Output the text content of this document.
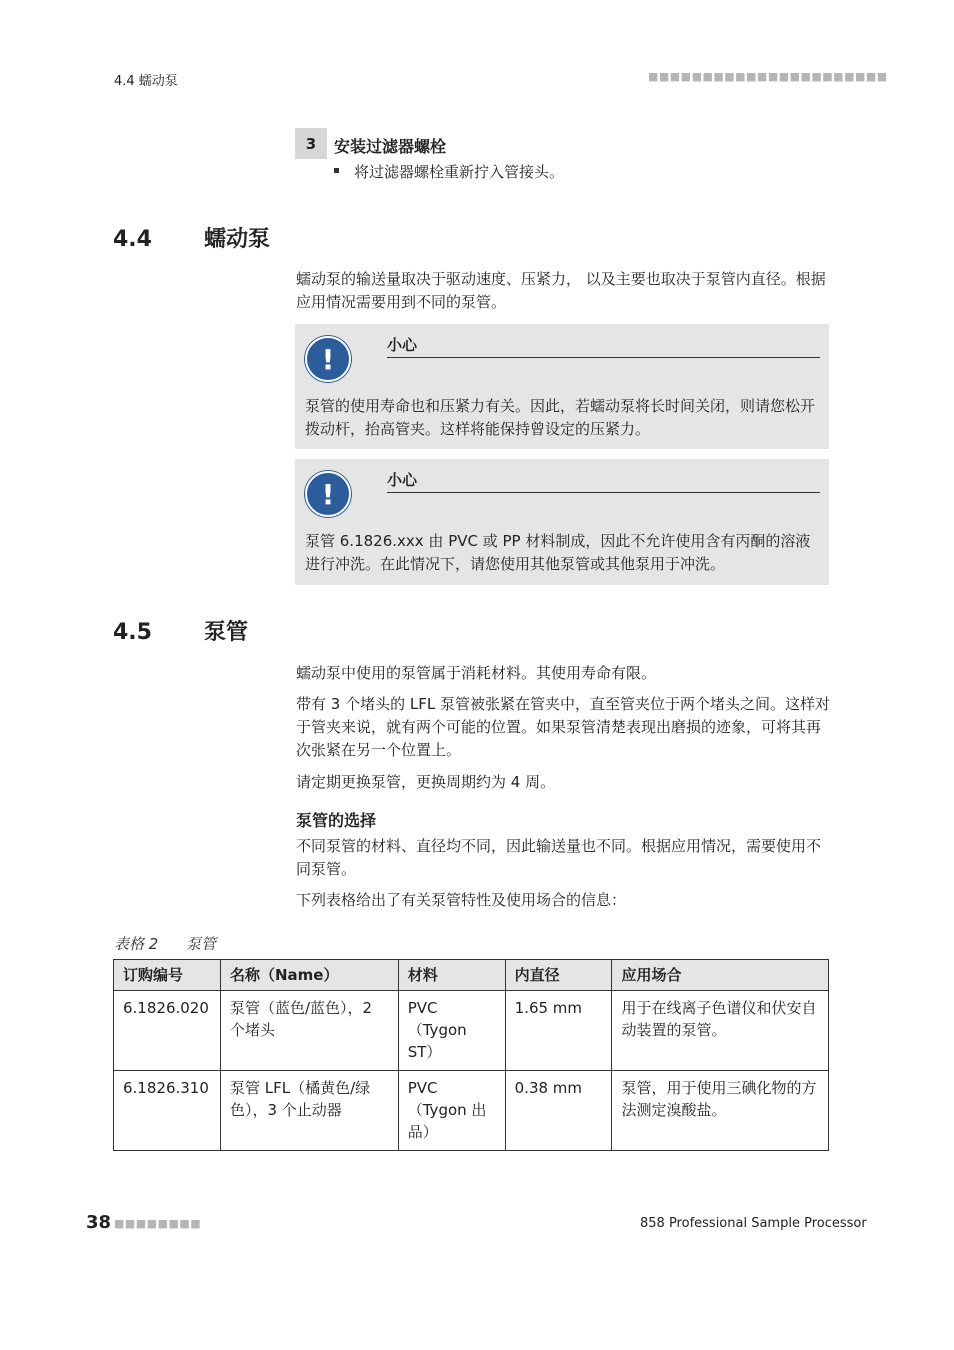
4.4 蠕动泵	■■■■■■■■■■■■■■■■■■■■■■
3	安装过滤器螺栓
将过滤器螺栓重新拧入管接头。
4.4 蠕动泵
蠕动泵的输送量取决于驱动速度、压紧力， 以及主要也取决于泵管内直径。根据应用情况需要用到不同的泵管。
!	小心
泵管的使用寿命也和压紧力有关。因此，若蠕动泵将长时间关闭，则请您松开拨动杆，抬高管夹。这样将能保持曾设定的压紧力。
!	小心
泵管 6.1826.xxx 由 PVC 或 PP 材料制成，因此不允许使用含有丙酮的溶液进行冲洗。在此情况下，请您使用其他泵管或其他泵用于冲洗。
4.5 泵管
蠕动泵中使用的泵管属于消耗材料。其使用寿命有限。
带有 3 个堵头的 LFL 泵管被张紧在管夹中，直至管夹位于两个堵头之间。这样对于管夹来说，就有两个可能的位置。如果泵管清楚表现出磨损的迹象，可将其再次张紧在另一个位置上。
请定期更换泵管，更换周期约为 4 周。
泵管的选择
不同泵管的材料、直径均不同，因此输送量也不同。根据应用情况，需要使用不同泵管。
下列表格给出了有关泵管特性及使用场合的信息：
表格 2 泵管
订购编号	名称（Name）	材料	内直径	应用场合
6.1826.020	泵管（蓝色/蓝色），2 个堵头	PVC（Tygon ST）	1.65 mm	用于在线离子色谱仪和伏安自动装置的泵管。
6.1826.310	泵管 LFL（橘黄色/绿色），3 个止动器	PVC（Tygon 出品）	0.38 mm	泵管，用于使用三碘化物的方法测定溴酸盐。
38 ■■■■■■■■	858 Professional Sample Processor
